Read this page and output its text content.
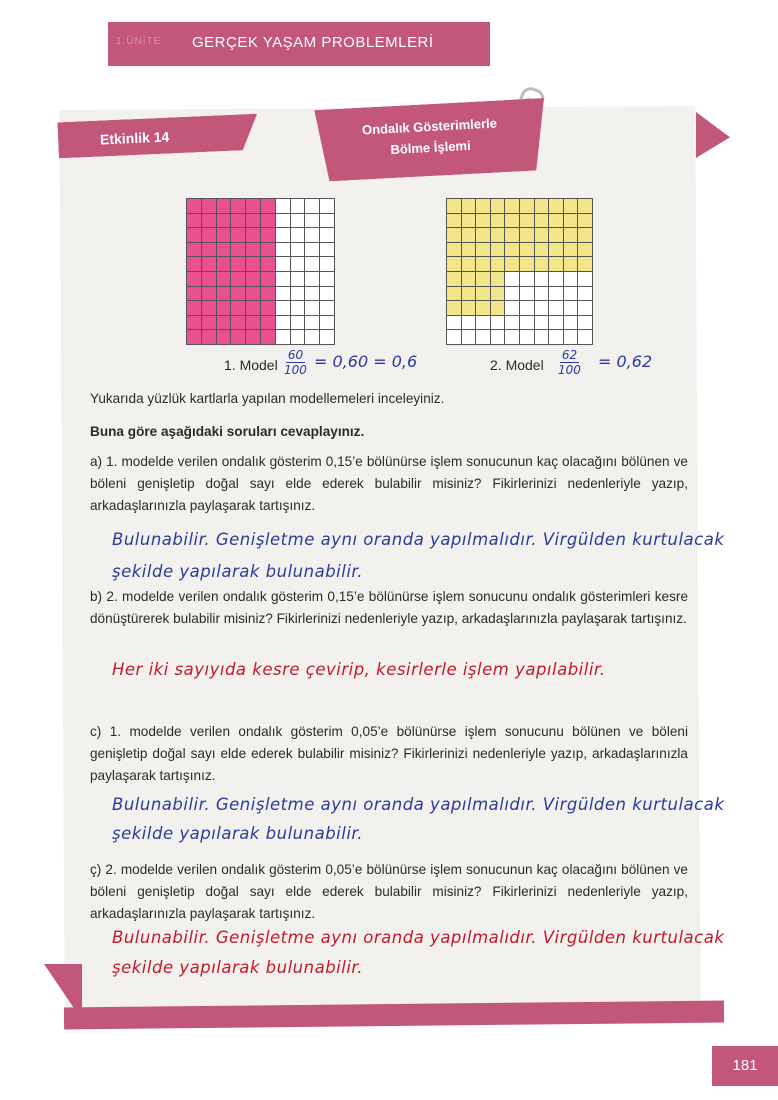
1.ÜNİTE GERÇEK YAŞAM PROBLEMLERİ
Etkinlik 14
Ondalık Gösterimlerle
Bölme İşlemi
1. Model $\frac{60}{100} = 0,60 = 0,6$	2. Model $\frac{62}{100} = 0,62$
Yukarıda yüzlük kartlarla yapılan modellemeleri inceleyiniz.
Buna göre aşağıdaki soruları cevaplayınız.
a) 1. modelde verilen ondalık gösterim 0,15’e bölünürse işlem sonucunun kaç olacağını bölünen ve böleni genişletip doğal sayı elde ederek bulabilir misiniz? Fikirlerinizi nedenleriyle yazıp, arkadaşlarınızla paylaşarak tartışınız.
Bulunabilir. Genişletme aynı oranda yapılmalıdır. Virgülden kurtulacak
şekilde yapılarak bulunabilir.
b) 2. modelde verilen ondalık gösterim 0,15’e bölünürse işlem sonucunu ondalık gösterimleri kesre dönüştürerek bulabilir misiniz? Fikirlerinizi nedenleriyle yazıp, arkadaşlarınızla paylaşarak tartışınız.
Her iki sayıyıda kesre çevirip, kesirlerle işlem yapılabilir.
c) 1. modelde verilen ondalık gösterim 0,05’e bölünürse işlem sonucunu bölünen ve böleni genişletip doğal sayı elde ederek bulabilir misiniz? Fikirlerinizi nedenleriyle yazıp, arkadaşlarınızla paylaşarak tartışınız.
Bulunabilir. Genişletme aynı oranda yapılmalıdır. Virgülden kurtulacak
şekilde yapılarak bulunabilir.
ç) 2. modelde verilen ondalık gösterim 0,05’e bölünürse işlem sonucunun kaç olacağını bölünen ve böleni genişletip doğal sayı elde ederek bulabilir misiniz? Fikirlerinizi nedenleriyle yazıp, arkadaşlarınızla paylaşarak tartışınız.
Bulunabilir. Genişletme aynı oranda yapılmalıdır. Virgülden kurtulacak
şekilde yapılarak bulunabilir.
181
